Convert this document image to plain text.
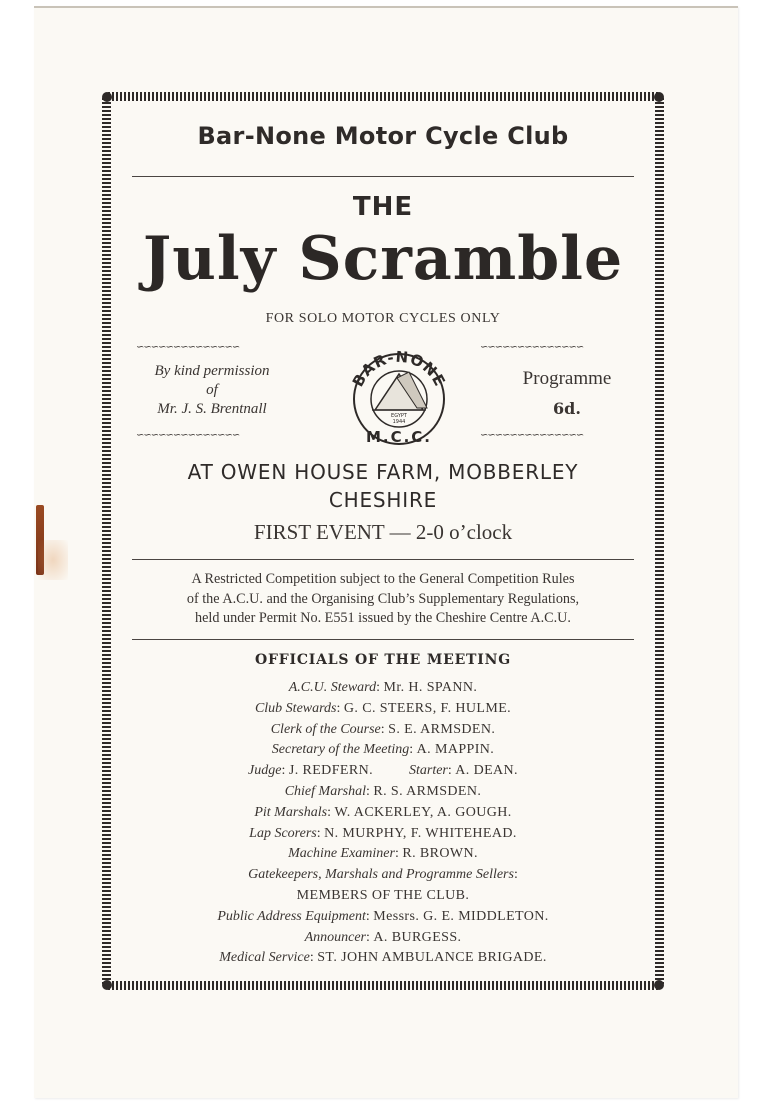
Bar-None Motor Cycle Club
THE
July Scramble
FOR SOLO MOTOR CYCLES ONLY
∽∽∽∽∽∽∽∽∽∽∽∽∽∽
∽∽∽∽∽∽∽∽∽∽∽∽∽∽
∽∽∽∽∽∽∽∽∽∽∽∽∽∽
∽∽∽∽∽∽∽∽∽∽∽∽∽∽
By kind permission
of
Mr. J. S. Brentnall
BAR-NONE
M.C.C.
EGYPT
1944
Programme
6d.
AT OWEN HOUSE FARM, MOBBERLEY
CHESHIRE
FIRST EVENT — 2-0 o’clock
A Restricted Competition subject to the General Competition Rules
of the A.C.U. and the Organising Club’s Supplementary Regulations,
held under Permit No. E551 issued by the Cheshire Centre A.C.U.
OFFICIALS OF THE MEETING
A.C.U. Steward: Mr. H. SPANN.
Club Stewards: G. C. STEERS, F. HULME.
Clerk of the Course: S. E. ARMSDEN.
Secretary of the Meeting: A. MAPPIN.
Judge: J. REDFERN.	Starter: A. DEAN.
Chief Marshal: R. S. ARMSDEN.
Pit Marshals: W. ACKERLEY, A. GOUGH.
Lap Scorers: N. MURPHY, F. WHITEHEAD.
Machine Examiner: R. BROWN.
Gatekeepers, Marshals and Programme Sellers:
MEMBERS OF THE CLUB.
Public Address Equipment: Messrs. G. E. MIDDLETON.
Announcer: A. BURGESS.
Medical Service: ST. JOHN AMBULANCE BRIGADE.
